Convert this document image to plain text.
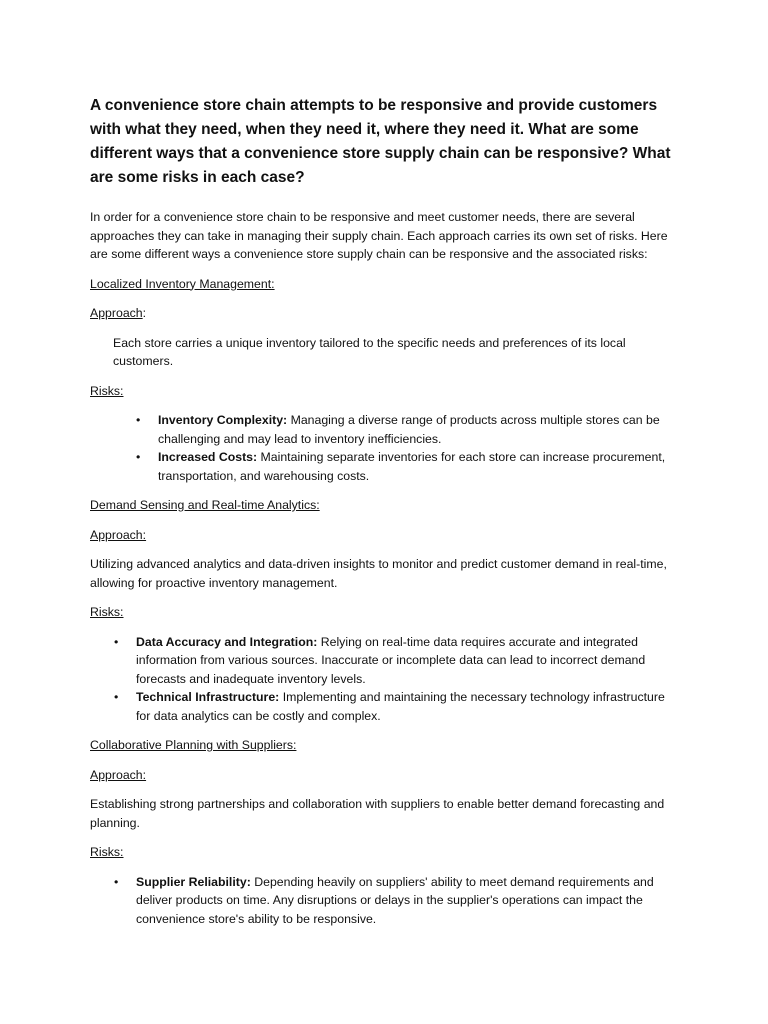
A convenience store chain attempts to be responsive and provide customers with what they need, when they need it, where they need it. What are some different ways that a convenience store supply chain can be responsive? What are some risks in each case?

In order for a convenience store chain to be responsive and meet customer needs, there are several approaches they can take in managing their supply chain. Each approach carries its own set of risks. Here are some different ways a convenience store supply chain can be responsive and the associated risks:

Localized Inventory Management:

Approach:

Each store carries a unique inventory tailored to the specific needs and preferences of its local customers.

Risks:

• Inventory Complexity: Managing a diverse range of products across multiple stores can be challenging and may lead to inventory inefficiencies.
• Increased Costs: Maintaining separate inventories for each store can increase procurement, transportation, and warehousing costs.

Demand Sensing and Real-time Analytics:

Approach:

Utilizing advanced analytics and data-driven insights to monitor and predict customer demand in real-time, allowing for proactive inventory management.

Risks:

• Data Accuracy and Integration: Relying on real-time data requires accurate and integrated information from various sources. Inaccurate or incomplete data can lead to incorrect demand forecasts and inadequate inventory levels.
• Technical Infrastructure: Implementing and maintaining the necessary technology infrastructure for data analytics can be costly and complex.

Collaborative Planning with Suppliers:

Approach:

Establishing strong partnerships and collaboration with suppliers to enable better demand forecasting and planning.

Risks:

• Supplier Reliability: Depending heavily on suppliers' ability to meet demand requirements and deliver products on time. Any disruptions or delays in the supplier's operations can impact the convenience store's ability to be responsive.
